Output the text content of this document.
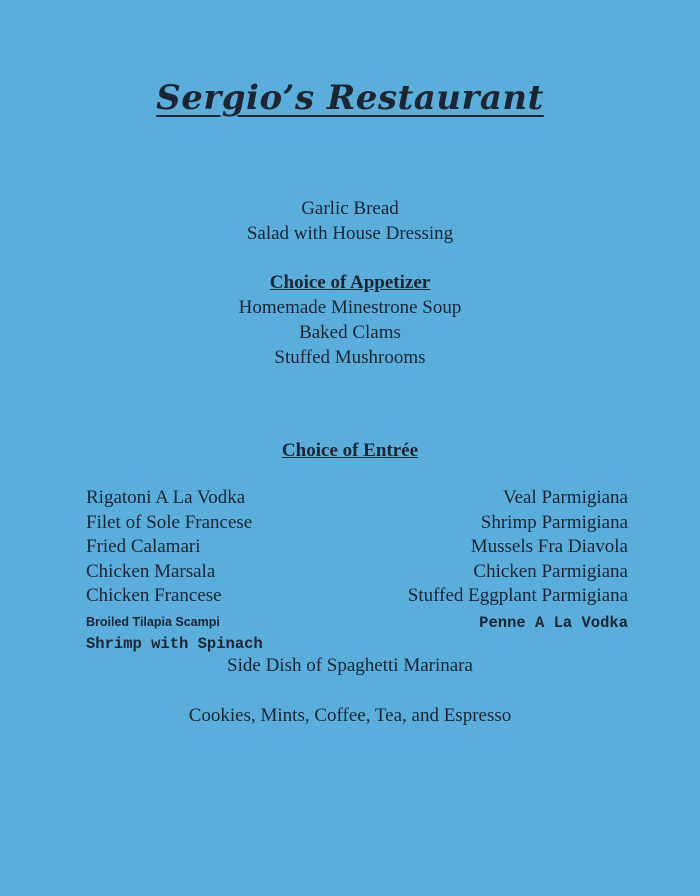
Sergio’s Restaurant
Garlic Bread
Salad with House Dressing
Choice of Appetizer
Homemade Minestrone Soup
Baked Clams
Stuffed Mushrooms
Choice of Entrée
Rigatoni A La Vodka
Filet of Sole Francese
Fried Calamari
Chicken Marsala
Chicken Francese
Broiled Tilapia Scampi
Shrimp with Spinach
Veal Parmigiana
Shrimp Parmigiana
Mussels Fra Diavola
Chicken Parmigiana
Stuffed Eggplant Parmigiana
Penne A La Vodka
Side Dish of Spaghetti Marinara
Cookies, Mints, Coffee, Tea, and Espresso
